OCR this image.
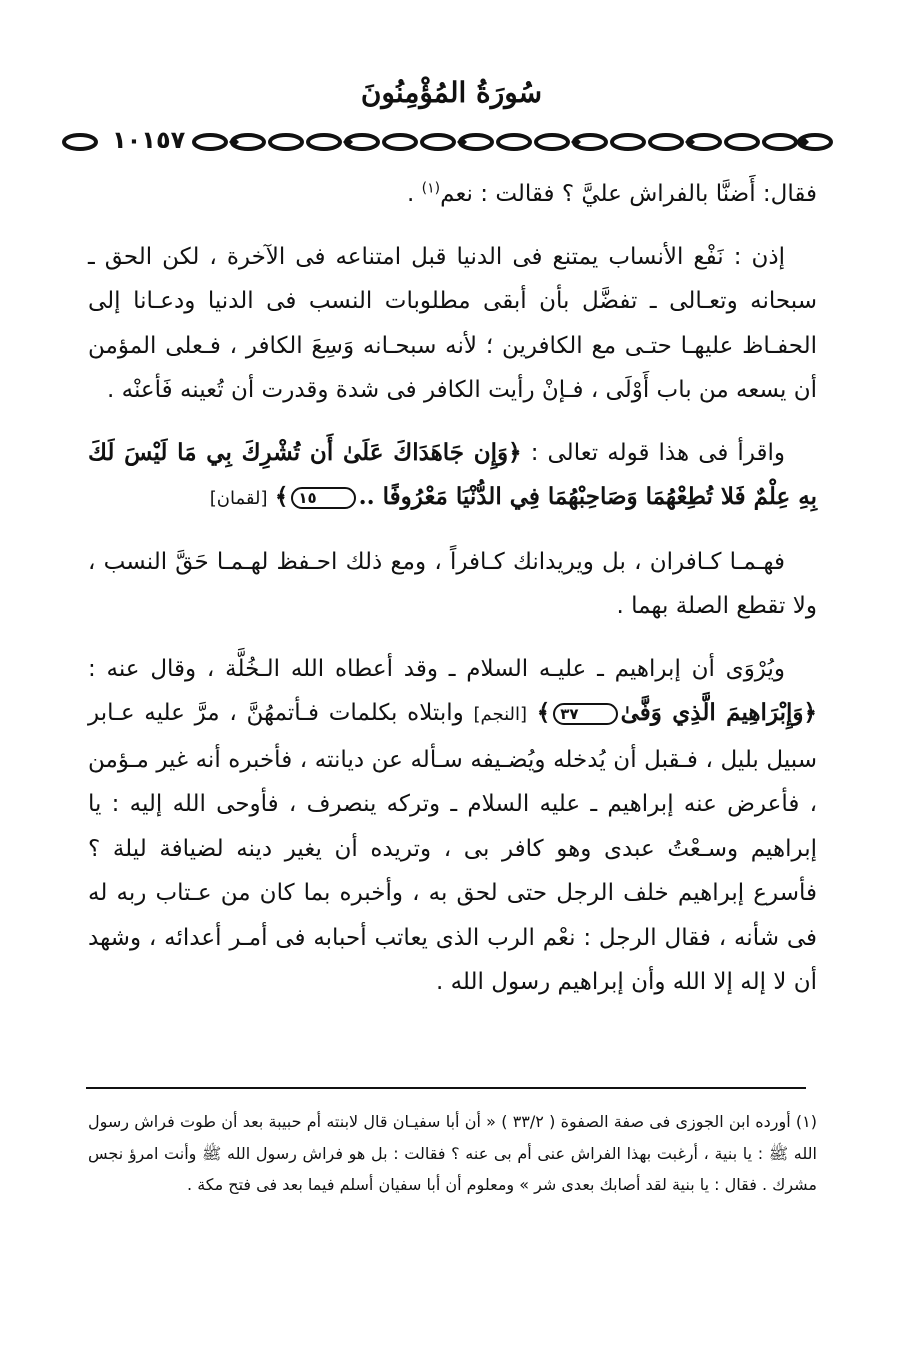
سُورَةُ المُؤْمِنُونَ
١٠١٥٧

فقال: أَضنَّا بالفراش عليَّ ؟ فقالت : نعم$^{(١)}$ .

إذن : نَفْع الأنساب يمتنع فى الدنيا قبل امتناعه فى الآخرة ، لكن الحق ـ سبحانه وتعـالى ـ تفضَّل بأن أبقى مطلوبات النسب فى الدنيا ودعـانا إلى الحفـاظ عليهـا حتـى مع الكافرين ؛ لأنه سبحـانه وَسِعَ الكافر ، فـعلى المؤمن أن يسعه من باب أَوْلَى ، فـإنْ رأيت الكافر فى شدة وقدرت أن تُعينه فَأعنْه .

واقرأ فى هذا قوله تعالى : ﴿وَإِن جَاهَدَاكَ عَلَىٰ أَن تُشْرِكَ بِي مَا لَيْسَ لَكَ بِهِ عِلْمٌ فَلا تُطِعْهُمَا وَصَاحِبْهُمَا فِي الدُّنْيَا مَعْرُوفًا ..١٥﴾ [لقمان]

فهـمـا كـافران ، بل ويريدانك كـافراً ، ومع ذلك احـفظ لهـمـا حَقَّ النسب ، ولا تقطع الصلة بهما .

ويُرْوَى أن إبراهيم ـ عليـه السلام ـ وقد أعطاه الله الـخُلَّة ، وقال عنه : ﴿وَإِبْرَاهِيمَ الَّذِي وَفَّىٰ٣٧﴾ [النجم] وابتلاه بكلمات فـأتمهُنَّ ، مرَّ عليه عـابر سبيل بليل ، فـقبل أن يُدخله ويُضـيفه سـأله عن ديانته ، فأخبره أنه غير مـؤمن ، فأعرض عنه إبراهيم ـ عليه السلام ـ وتركه ينصرف ، فأوحى الله إليه : يا إبراهيم وسـعْتُ عبدى وهو كافر بى ، وتريده أن يغير دينه لضيافة ليلة ؟ فأسرع إبراهيم خلف الرجل حتى لحق به ، وأخبره بما كان من عـتاب ربه له فى شأنه ، فقال الرجل : نعْم الرب الذى يعاتب أحبابه فى أمـر أعدائه ، وشهد أن لا إله إلا الله وأن إبراهيم رسول الله .

(١) أورده ابن الجوزى فى صفة الصفوة ( ٣٣/٢ ) « أن أبا سفيـان قال لابنته أم حبيبة بعد أن طوت فراش رسول الله ﷺ : يا بنية ، أرغبت بهذا الفراش عنى أم بى عنه ؟ فقالت : بل هو فراش رسول الله ﷺ وأنت امرؤ نجس مشرك . فقال : يا بنية لقد أصابك بعدى شر » ومعلوم أن أبا سفيان أسلم فيما بعد فى فتح مكة .
